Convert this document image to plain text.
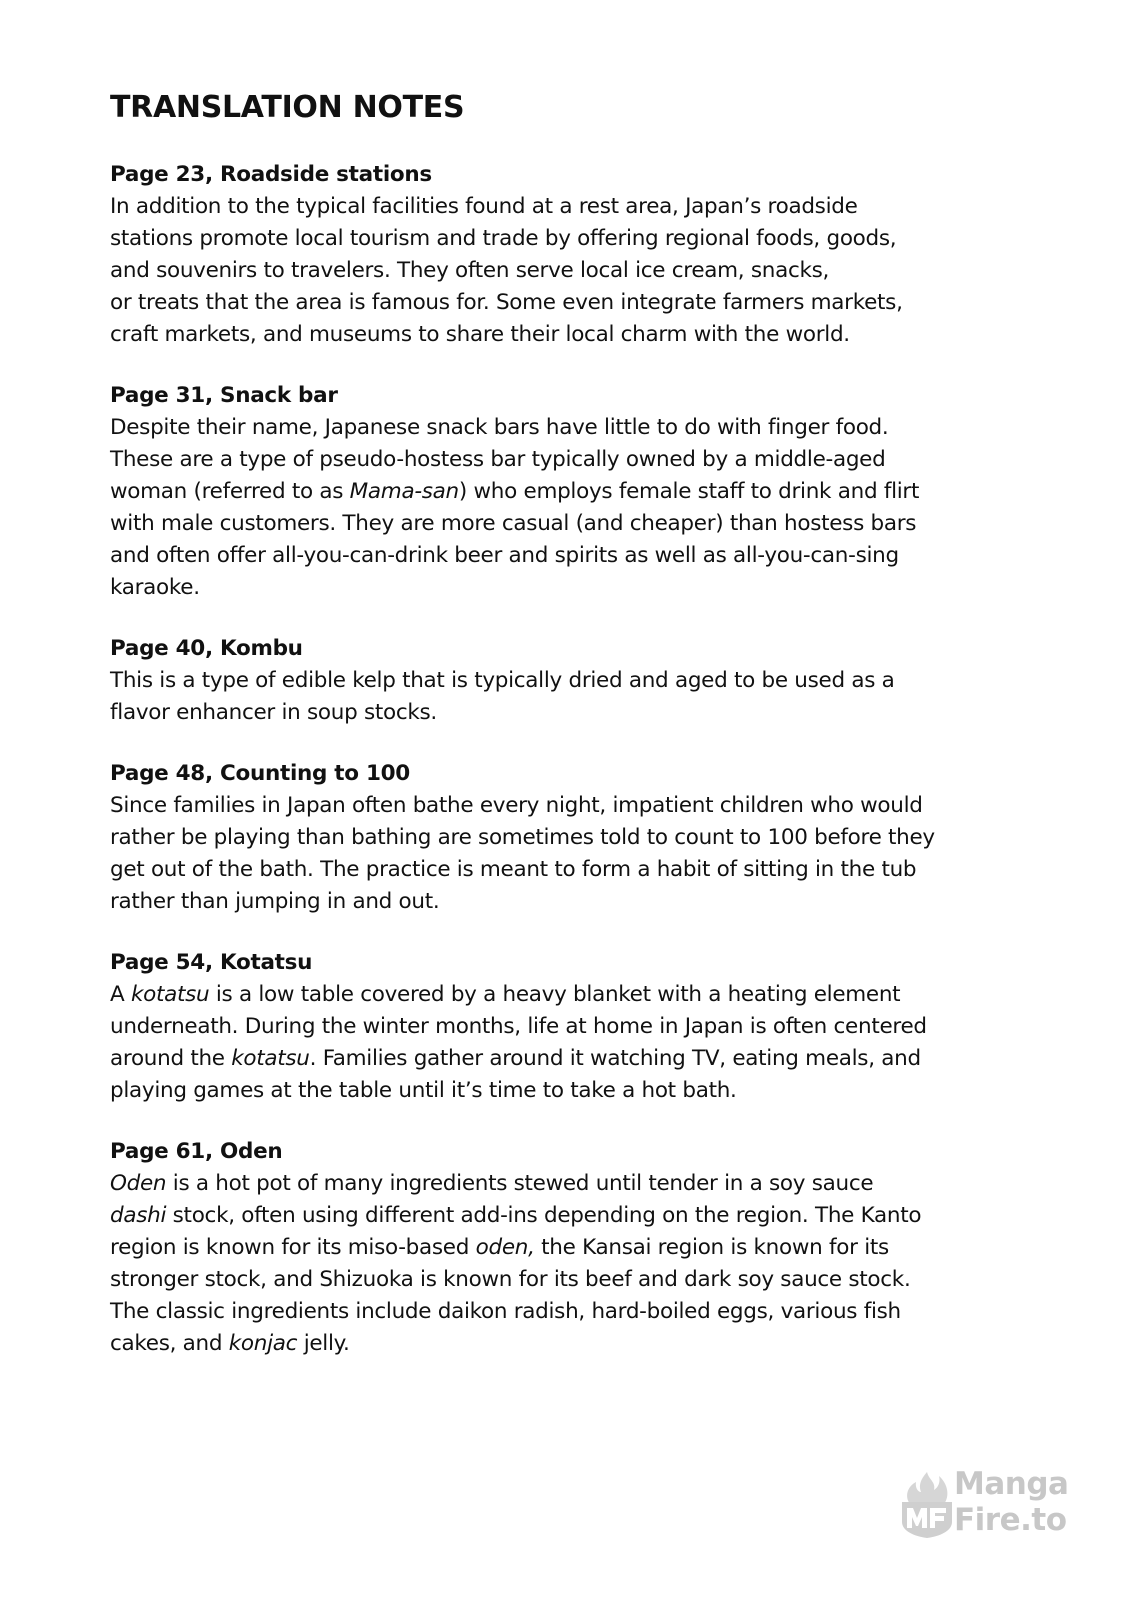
TRANSLATION NOTES
Page 23, Roadside stations

In addition to the typical facilities found at a rest area, Japan’s roadside
stations promote local tourism and trade by offering regional foods, goods,
and souvenirs to travelers. They often serve local ice cream, snacks,
or treats that the area is famous for. Some even integrate farmers markets,
craft markets, and museums to share their local charm with the world.

Page 31, Snack bar

Despite their name, Japanese snack bars have little to do with finger food.
These are a type of pseudo-hostess bar typically owned by a middle-aged
woman (referred to as Mama-san) who employs female staff to drink and flirt
with male customers. They are more casual (and cheaper) than hostess bars
and often offer all-you-can-drink beer and spirits as well as all-you-can-sing
karaoke.

Page 40, Kombu

This is a type of edible kelp that is typically dried and aged to be used as a
flavor enhancer in soup stocks.

Page 48, Counting to 100

Since families in Japan often bathe every night, impatient children who would
rather be playing than bathing are sometimes told to count to 100 before they
get out of the bath. The practice is meant to form a habit of sitting in the tub
rather than jumping in and out.

Page 54, Kotatsu

A kotatsu is a low table covered by a heavy blanket with a heating element
underneath. During the winter months, life at home in Japan is often centered
around the kotatsu. Families gather around it watching TV, eating meals, and
playing games at the table until it’s time to take a hot bath.

Page 61, Oden

Oden is a hot pot of many ingredients stewed until tender in a soy sauce
dashi stock, often using different add-ins depending on the region. The Kanto
region is known for its miso-based oden, the Kansai region is known for its
stronger stock, and Shizuoka is known for its beef and dark soy sauce stock.
The classic ingredients include daikon radish, hard-boiled eggs, various fish
cakes, and konjac jelly.

Manga
Fire.to
